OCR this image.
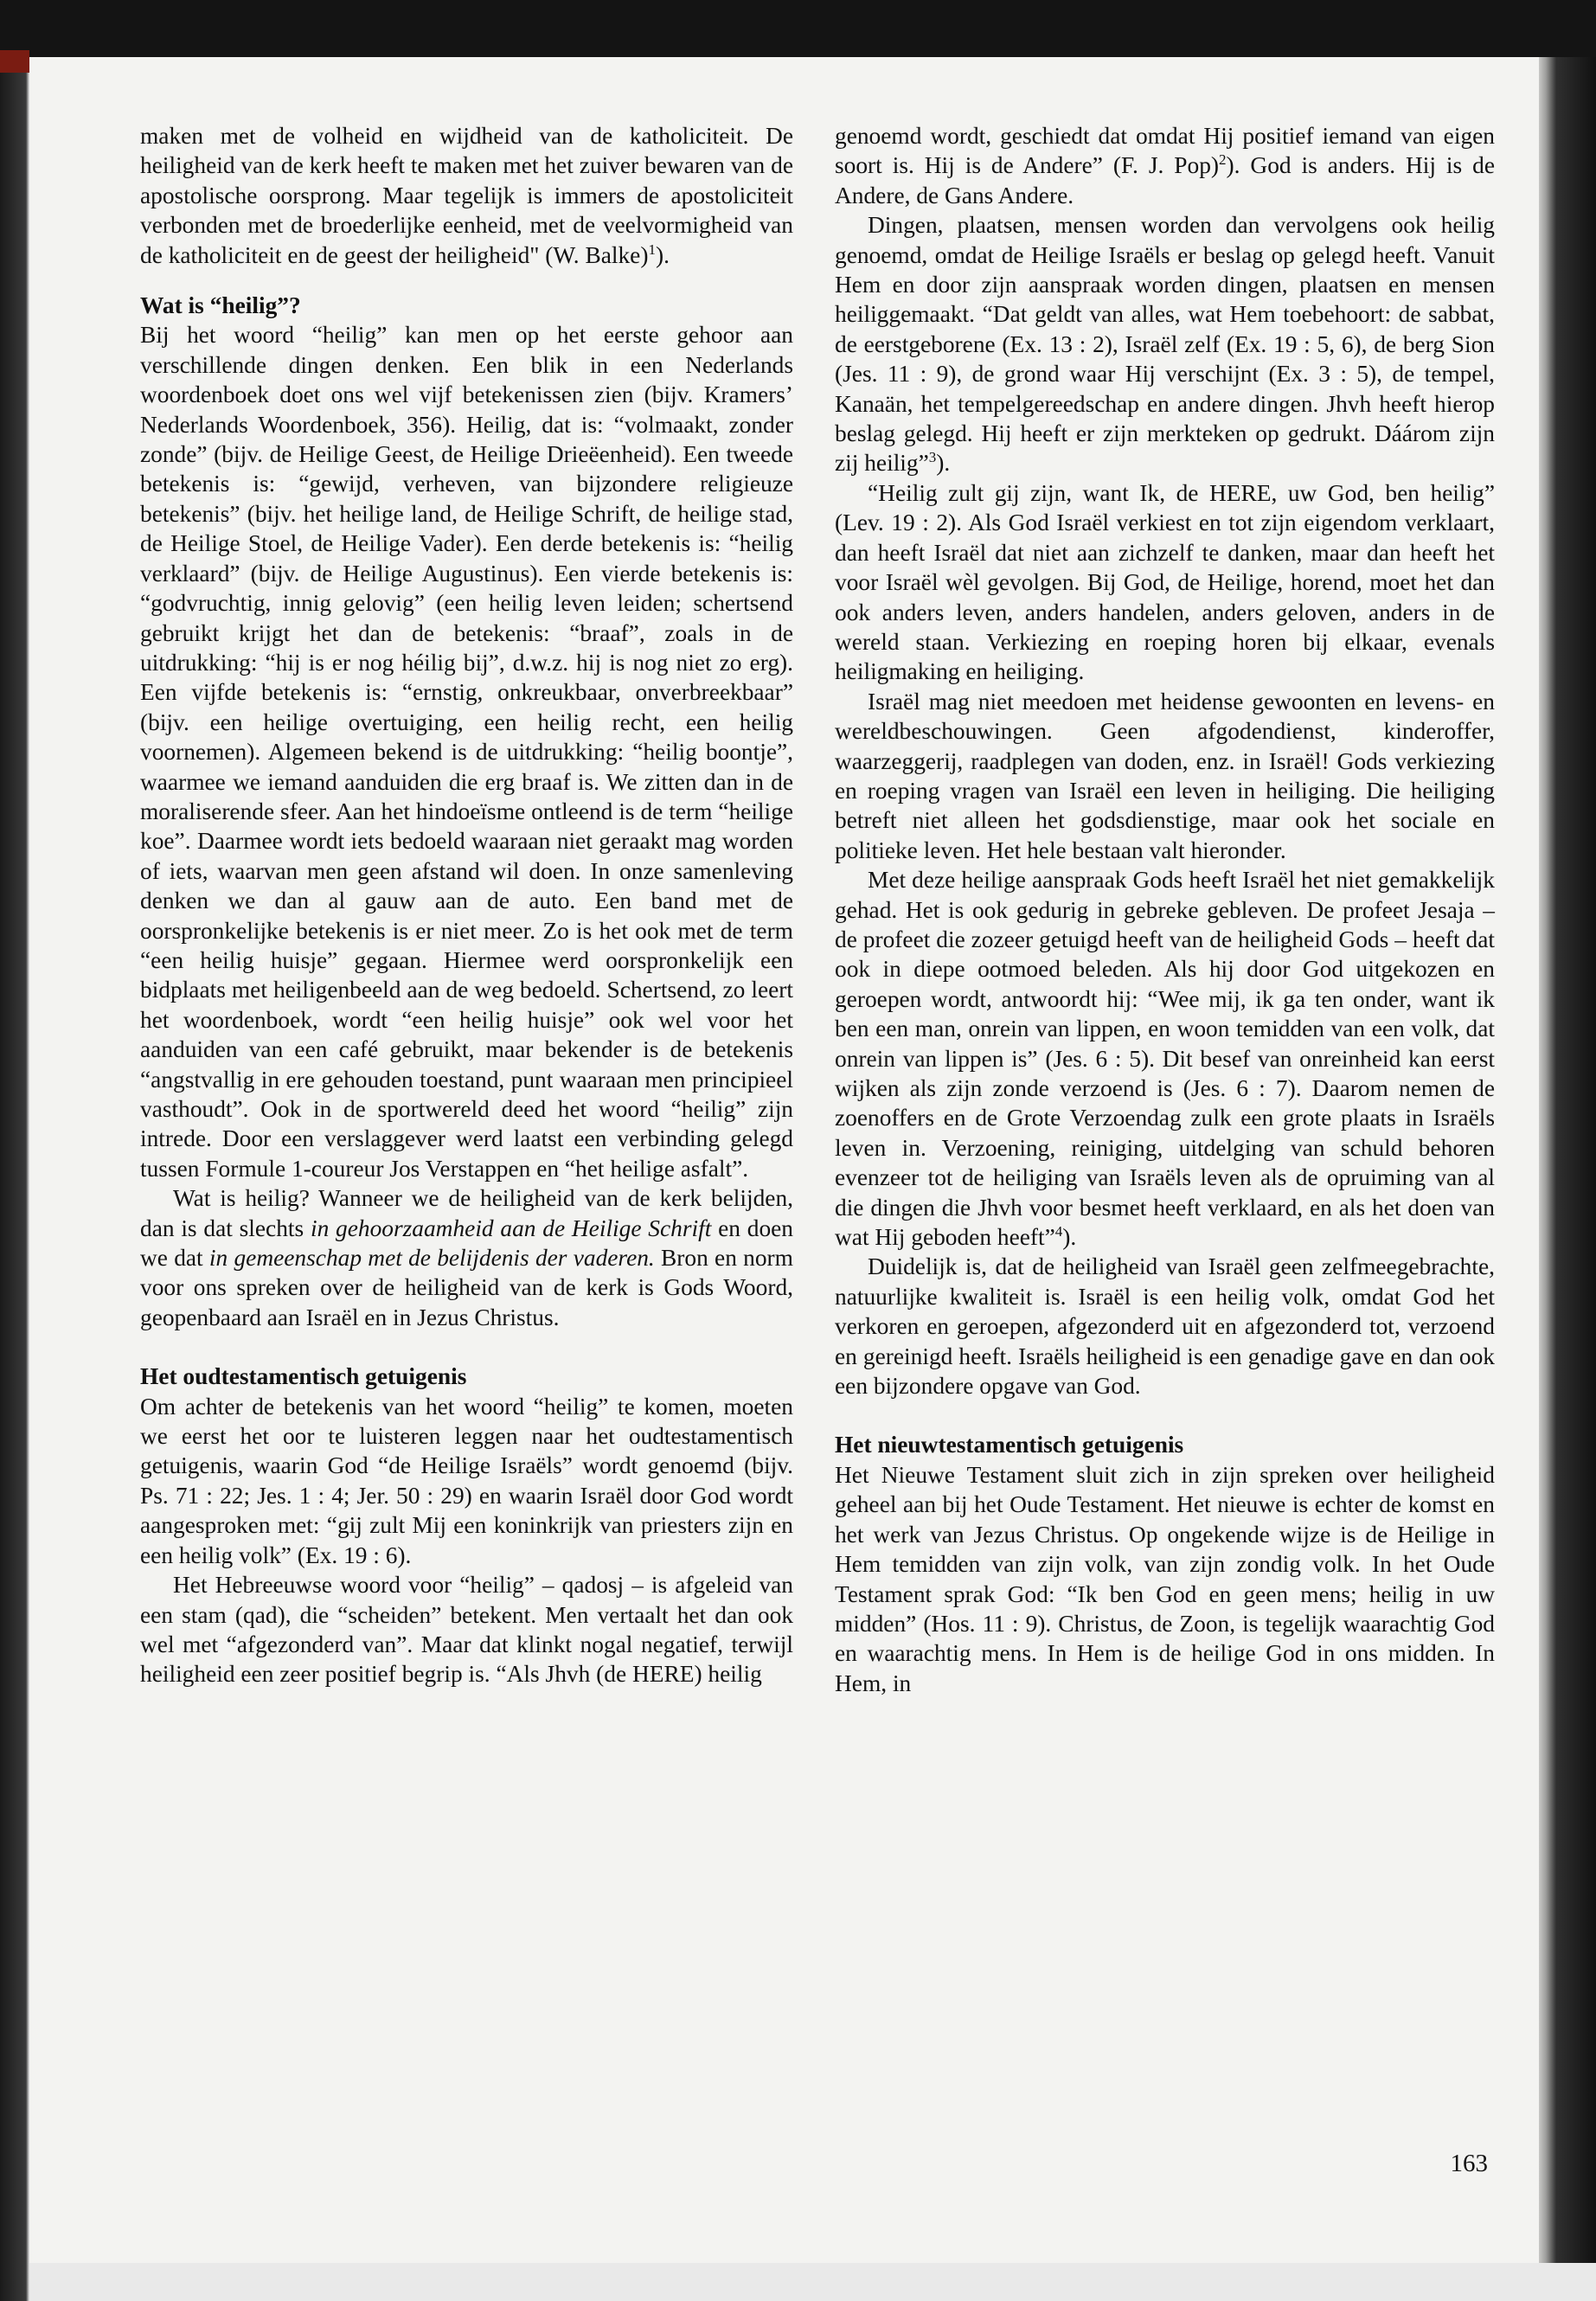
maken met de volheid en wijdheid van de katholiciteit. De heiligheid van de kerk heeft te maken met het zuiver bewaren van de apostolische oorsprong. Maar tegelijk is immers de apostoliciteit verbonden met de broederlijke eenheid, met de veelvormigheid van de katholiciteit en de geest der heiligheid" (W. Balke)$^1$).

Wat is “heilig”?

Bij het woord “heilig” kan men op het eerste gehoor aan verschillende dingen denken. Een blik in een Nederlands woordenboek doet ons wel vijf betekenissen zien (bijv. Kramers’ Nederlands Woordenboek, 356). Heilig, dat is: “volmaakt, zonder zonde” (bijv. de Heilige Geest, de Heilige Drieëenheid). Een tweede betekenis is: “gewijd, verheven, van bijzondere religieuze betekenis” (bijv. het heilige land, de Heilige Schrift, de heilige stad, de Heilige Stoel, de Heilige Vader). Een derde betekenis is: “heilig verklaard” (bijv. de Heilige Augustinus). Een vierde betekenis is: “godvruchtig, innig gelovig” (een heilig leven leiden; schertsend gebruikt krijgt het dan de betekenis: “braaf”, zoals in de uitdrukking: “hij is er nog héilig bij”, d.w.z. hij is nog niet zo erg). Een vijfde betekenis is: “ernstig, onkreukbaar, onverbreekbaar” (bijv. een heilige overtuiging, een heilig recht, een heilig voornemen). Algemeen bekend is de uitdrukking: “heilig boontje”, waarmee we iemand aanduiden die erg braaf is. We zitten dan in de moraliserende sfeer. Aan het hindoeïsme ontleend is de term “heilige koe”. Daarmee wordt iets bedoeld waaraan niet geraakt mag worden of iets, waarvan men geen afstand wil doen. In onze samenleving denken we dan al gauw aan de auto. Een band met de oorspronkelijke betekenis is er niet meer. Zo is het ook met de term “een heilig huisje” gegaan. Hiermee werd oorspronkelijk een bidplaats met heiligenbeeld aan de weg bedoeld. Schertsend, zo leert het woordenboek, wordt “een heilig huisje” ook wel voor het aanduiden van een café gebruikt, maar bekender is de betekenis “angstvallig in ere gehouden toestand, punt waaraan men principieel vasthoudt”. Ook in de sportwereld deed het woord “heilig” zijn intrede. Door een verslaggever werd laatst een verbinding gelegd tussen Formule 1-coureur Jos Verstappen en “het heilige asfalt”.

Wat is heilig? Wanneer we de heiligheid van de kerk belijden, dan is dat slechts in gehoorzaamheid aan de Heilige Schrift en doen we dat in gemeenschap met de belijdenis der vaderen. Bron en norm voor ons spreken over de heiligheid van de kerk is Gods Woord, geopenbaard aan Israël en in Jezus Christus.

Het oudtestamentisch getuigenis

Om achter de betekenis van het woord “heilig” te komen, moeten we eerst het oor te luisteren leggen naar het oudtestamentisch getuigenis, waarin God “de Heilige Israëls” wordt genoemd (bijv. Ps. 71 : 22; Jes. 1 : 4; Jer. 50 : 29) en waarin Israël door God wordt aangesproken met: “gij zult Mij een koninkrijk van priesters zijn en een heilig volk” (Ex. 19 : 6).

Het Hebreeuwse woord voor “heilig” – qadosj – is afgeleid van een stam (qad), die “scheiden” betekent. Men vertaalt het dan ook wel met “afgezonderd van”. Maar dat klinkt nogal negatief, terwijl heiligheid een zeer positief begrip is. “Als Jhvh (de HERE) heilig

genoemd wordt, geschiedt dat omdat Hij positief iemand van eigen soort is. Hij is de Andere” (F. J. Pop)$^2$). God is anders. Hij is de Andere, de Gans Andere.

Dingen, plaatsen, mensen worden dan vervolgens ook heilig genoemd, omdat de Heilige Israëls er beslag op gelegd heeft. Vanuit Hem en door zijn aanspraak worden dingen, plaatsen en mensen heiliggemaakt. “Dat geldt van alles, wat Hem toebehoort: de sabbat, de eerstgeborene (Ex. 13 : 2), Israël zelf (Ex. 19 : 5, 6), de berg Sion (Jes. 11 : 9), de grond waar Hij verschijnt (Ex. 3 : 5), de tempel, Kanaän, het tempelgereedschap en andere dingen. Jhvh heeft hierop beslag gelegd. Hij heeft er zijn merkteken op gedrukt. Dáárom zijn zij heilig”$^3$).

“Heilig zult gij zijn, want Ik, de HERE, uw God, ben heilig” (Lev. 19 : 2). Als God Israël verkiest en tot zijn eigendom verklaart, dan heeft Israël dat niet aan zichzelf te danken, maar dan heeft het voor Israël wèl gevolgen. Bij God, de Heilige, horend, moet het dan ook anders leven, anders handelen, anders geloven, anders in de wereld staan. Verkiezing en roeping horen bij elkaar, evenals heiligmaking en heiliging.

Israël mag niet meedoen met heidense gewoonten en levens- en wereldbeschouwingen. Geen afgodendienst, kinderoffer, waarzeggerij, raadplegen van doden, enz. in Israël! Gods verkiezing en roeping vragen van Israël een leven in heiliging. Die heiliging betreft niet alleen het godsdienstige, maar ook het sociale en politieke leven. Het hele bestaan valt hieronder.

Met deze heilige aanspraak Gods heeft Israël het niet gemakkelijk gehad. Het is ook gedurig in gebreke gebleven. De profeet Jesaja – de profeet die zozeer getuigd heeft van de heiligheid Gods – heeft dat ook in diepe ootmoed beleden. Als hij door God uitgekozen en geroepen wordt, antwoordt hij: “Wee mij, ik ga ten onder, want ik ben een man, onrein van lippen, en woon temidden van een volk, dat onrein van lippen is” (Jes. 6 : 5). Dit besef van onreinheid kan eerst wijken als zijn zonde verzoend is (Jes. 6 : 7). Daarom nemen de zoenoffers en de Grote Verzoendag zulk een grote plaats in Israëls leven in. Verzoening, reiniging, uitdelging van schuld behoren evenzeer tot de heiliging van Israëls leven als de opruiming van al die dingen die Jhvh voor besmet heeft verklaard, en als het doen van wat Hij geboden heeft”$^4$).

Duidelijk is, dat de heiligheid van Israël geen zelfmeegebrachte, natuurlijke kwaliteit is. Israël is een heilig volk, omdat God het verkoren en geroepen, afgezonderd uit en afgezonderd tot, verzoend en gereinigd heeft. Israëls heiligheid is een genadige gave en dan ook een bijzondere opgave van God.

Het nieuwtestamentisch getuigenis

Het Nieuwe Testament sluit zich in zijn spreken over heiligheid geheel aan bij het Oude Testament. Het nieuwe is echter de komst en het werk van Jezus Christus. Op ongekende wijze is de Heilige in Hem temidden van zijn volk, van zijn zondig volk. In het Oude Testament sprak God: “Ik ben God en geen mens; heilig in uw midden” (Hos. 11 : 9). Christus, de Zoon, is tegelijk waarachtig God en waarachtig mens. In Hem is de heilige God in ons midden. In Hem, in

163
